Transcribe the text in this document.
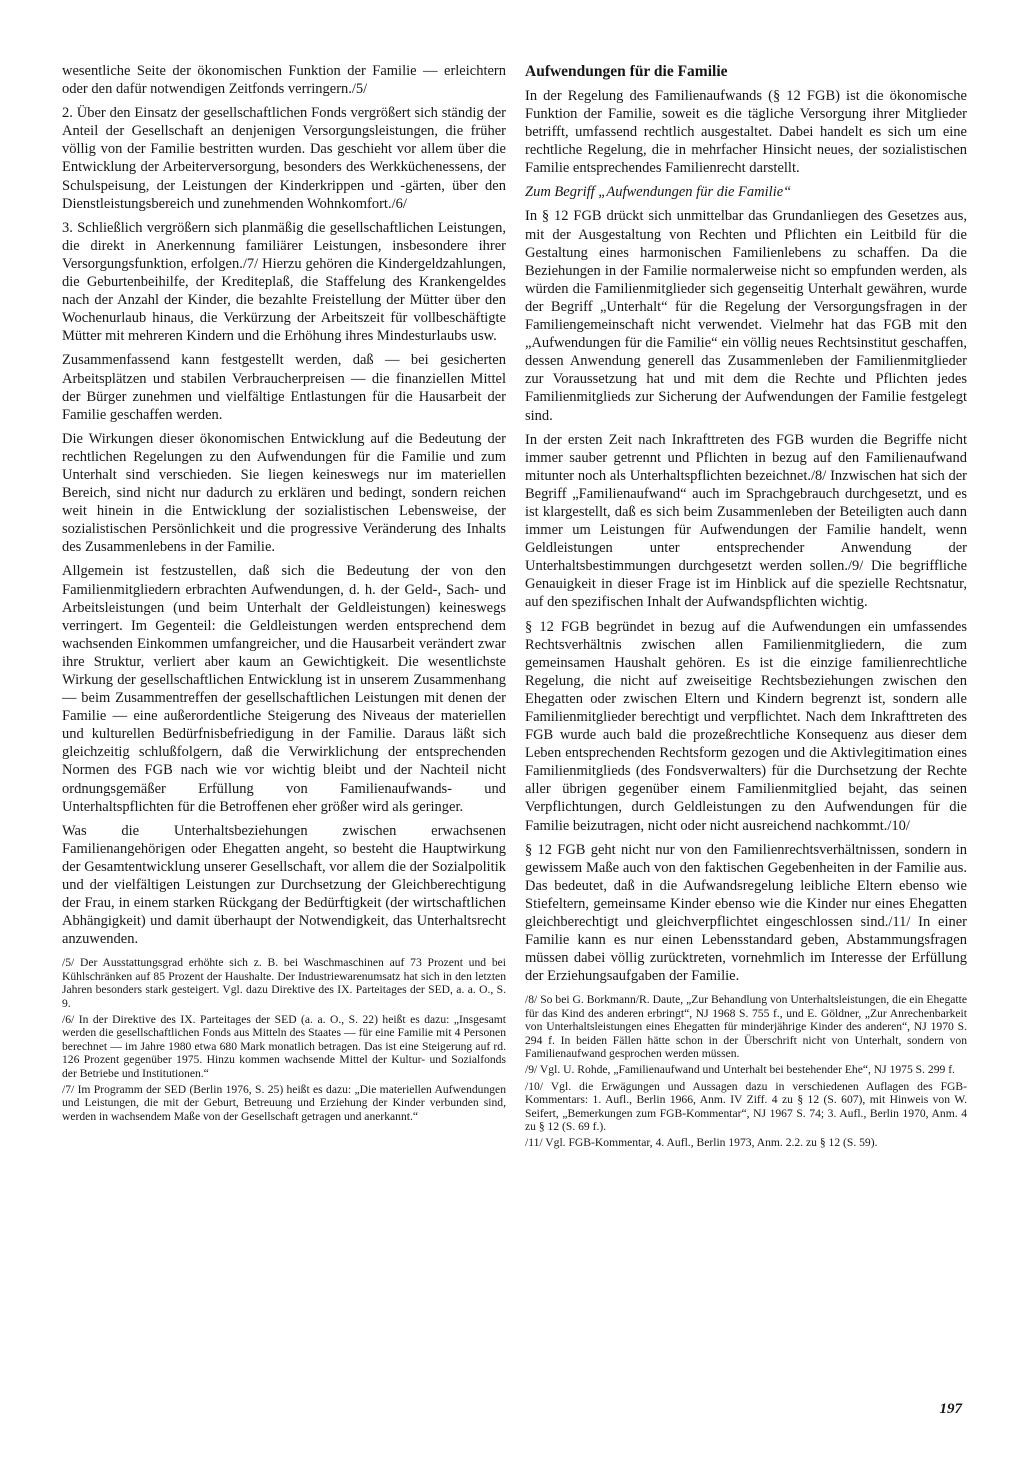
wesentliche Seite der ökonomischen Funktion der Familie — erleichtern oder den dafür notwendigen Zeitfonds verringern./5/

2. Über den Einsatz der gesellschaftlichen Fonds vergrößert sich ständig der Anteil der Gesellschaft an denjenigen Versorgungsleistungen, die früher völlig von der Familie bestritten wurden. Das geschieht vor allem über die Entwicklung der Arbeiterversorgung, besonders des Werkküchenessens, der Schulspeisung, der Leistungen der Kinderkrippen und -gärten, über den Dienstleistungsbereich und zunehmenden Wohnkomfort./6/

3. Schließlich vergrößern sich planmäßig die gesellschaftlichen Leistungen, die direkt in Anerkennung familiärer Leistungen, insbesondere ihrer Versorgungsfunktion, erfolgen./7/ Hierzu gehören die Kindergeldzahlungen, die Geburtenbeihilfe, der Kreditерlaß, die Staffelung des Krankengeldes nach der Anzahl der Kinder, die bezahlte Freistellung der Mütter über den Wochenurlaub hinaus, die Verkürzung der Arbeitszeit für vollbeschäftigte Mütter mit mehreren Kindern und die Erhöhung ihres Mindesturlaubs usw.

Zusammenfassend kann festgestellt werden, daß — bei gesicherten Arbeitsplätzen und stabilen Verbraucherpreisen — die finanziellen Mittel der Bürger zunehmen und vielfältige Entlastungen für die Hausarbeit der Familie geschaffen werden.

Die Wirkungen dieser ökonomischen Entwicklung auf die Bedeutung der rechtlichen Regelungen zu den Aufwendungen für die Familie und zum Unterhalt sind verschieden. Sie liegen keineswegs nur im materiellen Bereich, sind nicht nur dadurch zu erklären und bedingt, sondern reichen weit hinein in die Entwicklung der sozialistischen Lebensweise, der sozialistischen Persönlichkeit und die progressive Veränderung des Inhalts des Zusammenlebens in der Familie.

Allgemein ist festzustellen, daß sich die Bedeutung der von den Familienmitgliedern erbrachten Aufwendungen, d. h. der Geld-, Sach- und Arbeitsleistungen (und beim Unterhalt der Geldleistungen) keineswegs verringert. Im Gegenteil: die Geldleistungen werden entsprechend dem wachsenden Einkommen umfangreicher, und die Hausarbeit verändert zwar ihre Struktur, verliert aber kaum an Gewichtigkeit. Die wesentlichste Wirkung der gesellschaftlichen Entwicklung ist in unserem Zusammenhang — beim Zusammentreffen der gesellschaftlichen Leistungen mit denen der Familie — eine außerordentliche Steigerung des Niveaus der materiellen und kulturellen Bedürfnisbefriedigung in der Familie. Daraus läßt sich gleichzeitig schlußfolgern, daß die Verwirklichung der entsprechenden Normen des FGB nach wie vor wichtig bleibt und der Nachteil nicht ordnungsgemäßer Erfüllung von Familienaufwands- und Unterhaltspflichten für die Betroffenen eher größer wird als geringer.

Was die Unterhaltsbeziehungen zwischen erwachsenen Familienangehörigen oder Ehegatten angeht, so besteht die Hauptwirkung der Gesamtentwicklung unserer Gesellschaft, vor allem die der Sozialpolitik und der vielfältigen Leistungen zur Durchsetzung der Gleichberechtigung der Frau, in einem starken Rückgang der Bedürftigkeit (der wirtschaftlichen Abhängigkeit) und damit überhaupt der Notwendigkeit, das Unterhaltsrecht anzuwenden.

/5/ Der Ausstattungsgrad erhöhte sich z. B. bei Waschmaschinen auf 73 Prozent und bei Kühlschränken auf 85 Prozent der Haushalte. Der Industriewarenumsatz hat sich in den letzten Jahren besonders stark gesteigert. Vgl. dazu Direktive des IX. Parteitages der SED, a. a. O., S. 9.

/6/ In der Direktive des IX. Parteitages der SED (a. a. O., S. 22) heißt es dazu: „Insgesamt werden die gesellschaftlichen Fonds aus Mitteln des Staates — für eine Familie mit 4 Personen berechnet — im Jahre 1980 etwa 680 Mark monatlich betragen. Das ist eine Steigerung auf rd. 126 Prozent gegenüber 1975. Hinzu kommen wachsende Mittel der Kultur- und Sozialfonds der Betriebe und Institutionen.“

/7/ Im Programm der SED (Berlin 1976, S. 25) heißt es dazu: „Die materiellen Aufwendungen und Leistungen, die mit der Geburt, Betreuung und Erziehung der Kinder verbunden sind, werden in wachsendem Maße von der Gesellschaft getragen und anerkannt.“

Aufwendungen für die Familie

In der Regelung des Familienaufwands (§ 12 FGB) ist die ökonomische Funktion der Familie, soweit es die tägliche Versorgung ihrer Mitglieder betrifft, umfassend rechtlich ausgestaltet. Dabei handelt es sich um eine rechtliche Regelung, die in mehrfacher Hinsicht neues, der sozialistischen Familie entsprechendes Familienrecht darstellt.

Zum Begriff „Aufwendungen für die Familie“

In § 12 FGB drückt sich unmittelbar das Grundanliegen des Gesetzes aus, mit der Ausgestaltung von Rechten und Pflichten ein Leitbild für die Gestaltung eines harmonischen Familienlebens zu schaffen. Da die Beziehungen in der Familie normalerweise nicht so empfunden werden, als würden die Familienmitglieder sich gegenseitig Unterhalt gewähren, wurde der Begriff „Unterhalt“ für die Regelung der Versorgungsfragen in der Familiengemeinschaft nicht verwendet. Vielmehr hat das FGB mit den „Aufwendungen für die Familie“ ein völlig neues Rechtsinstitut geschaffen, dessen Anwendung generell das Zusammenleben der Familienmitglieder zur Voraussetzung hat und mit dem die Rechte und Pflichten jedes Familienmitglieds zur Sicherung der Aufwendungen der Familie festgelegt sind.

In der ersten Zeit nach Inkrafttreten des FGB wurden die Begriffe nicht immer sauber getrennt und Pflichten in bezug auf den Familienaufwand mitunter noch als Unterhaltspflichten bezeichnet./8/ Inzwischen hat sich der Begriff „Familienaufwand“ auch im Sprachgebrauch durchgesetzt, und es ist klargestellt, daß es sich beim Zusammenleben der Beteiligten auch dann immer um Leistungen für Aufwendungen der Familie handelt, wenn Geldleistungen unter entsprechender Anwendung der Unterhaltsbestimmungen durchgesetzt werden sollen./9/ Die begriffliche Genauigkeit in dieser Frage ist im Hinblick auf die spezielle Rechtsnatur, auf den spezifischen Inhalt der Aufwandspflichten wichtig.

§ 12 FGB begründet in bezug auf die Aufwendungen ein umfassendes Rechtsverhältnis zwischen allen Familienmitgliedern, die zum gemeinsamen Haushalt gehören. Es ist die einzige familienrechtliche Regelung, die nicht auf zweiseitige Rechtsbeziehungen zwischen den Ehegatten oder zwischen Eltern und Kindern begrenzt ist, sondern alle Familienmitglieder berechtigt und verpflichtet. Nach dem Inkrafttreten des FGB wurde auch bald die prozeßrechtliche Konsequenz aus dieser dem Leben entsprechenden Rechtsform gezogen und die Aktivlegitimation eines Familienmitglieds (des Fondsverwalters) für die Durchsetzung der Rechte aller übrigen gegenüber einem Familienmitglied bejaht, das seinen Verpflichtungen, durch Geldleistungen zu den Aufwendungen für die Familie beizutragen, nicht oder nicht ausreichend nachkommt./10/

§ 12 FGB geht nicht nur von den Familienrechtsverhältnissen, sondern in gewissem Maße auch von den faktischen Gegebenheiten in der Familie aus. Das bedeutet, daß in die Aufwandsregelung leibliche Eltern ebenso wie Stiefeltern, gemeinsame Kinder ebenso wie die Kinder nur eines Ehegatten gleichberechtigt und gleichverpflichtet eingeschlossen sind./11/ In einer Familie kann es nur einen Lebensstandard geben, Abstammungsfragen müssen dabei völlig zurücktreten, vornehmlich im Interesse der Erfüllung der Erziehungsaufgaben der Familie.

/8/ So bei G. Borkmann/R. Daute, „Zur Behandlung von Unterhaltsleistungen, die ein Ehegatte für das Kind des anderen erbringt“, NJ 1968 S. 755 f., und E. Göldner, „Zur Anrechenbarkeit von Unterhaltsleistungen eines Ehegatten für minderjährige Kinder des anderen“, NJ 1970 S. 294 f. In beiden Fällen hätte schon in der Überschrift nicht von Unterhalt, sondern von Familienaufwand gesprochen werden müssen.

/9/ Vgl. U. Rohde, „Familienaufwand und Unterhalt bei bestehender Ehe“, NJ 1975 S. 299 f.

/10/ Vgl. die Erwägungen und Aussagen dazu in verschiedenen Auflagen des FGB-Kommentars: 1. Aufl., Berlin 1966, Anm. IV Ziff. 4 zu § 12 (S. 607), mit Hinweis von W. Seifert, „Bemerkungen zum FGB-Kommentar“, NJ 1967 S. 74; 3. Aufl., Berlin 1970, Anm. 4 zu § 12 (S. 69 f.).

/11/ Vgl. FGB-Kommentar, 4. Aufl., Berlin 1973, Anm. 2.2. zu § 12 (S. 59).

197
